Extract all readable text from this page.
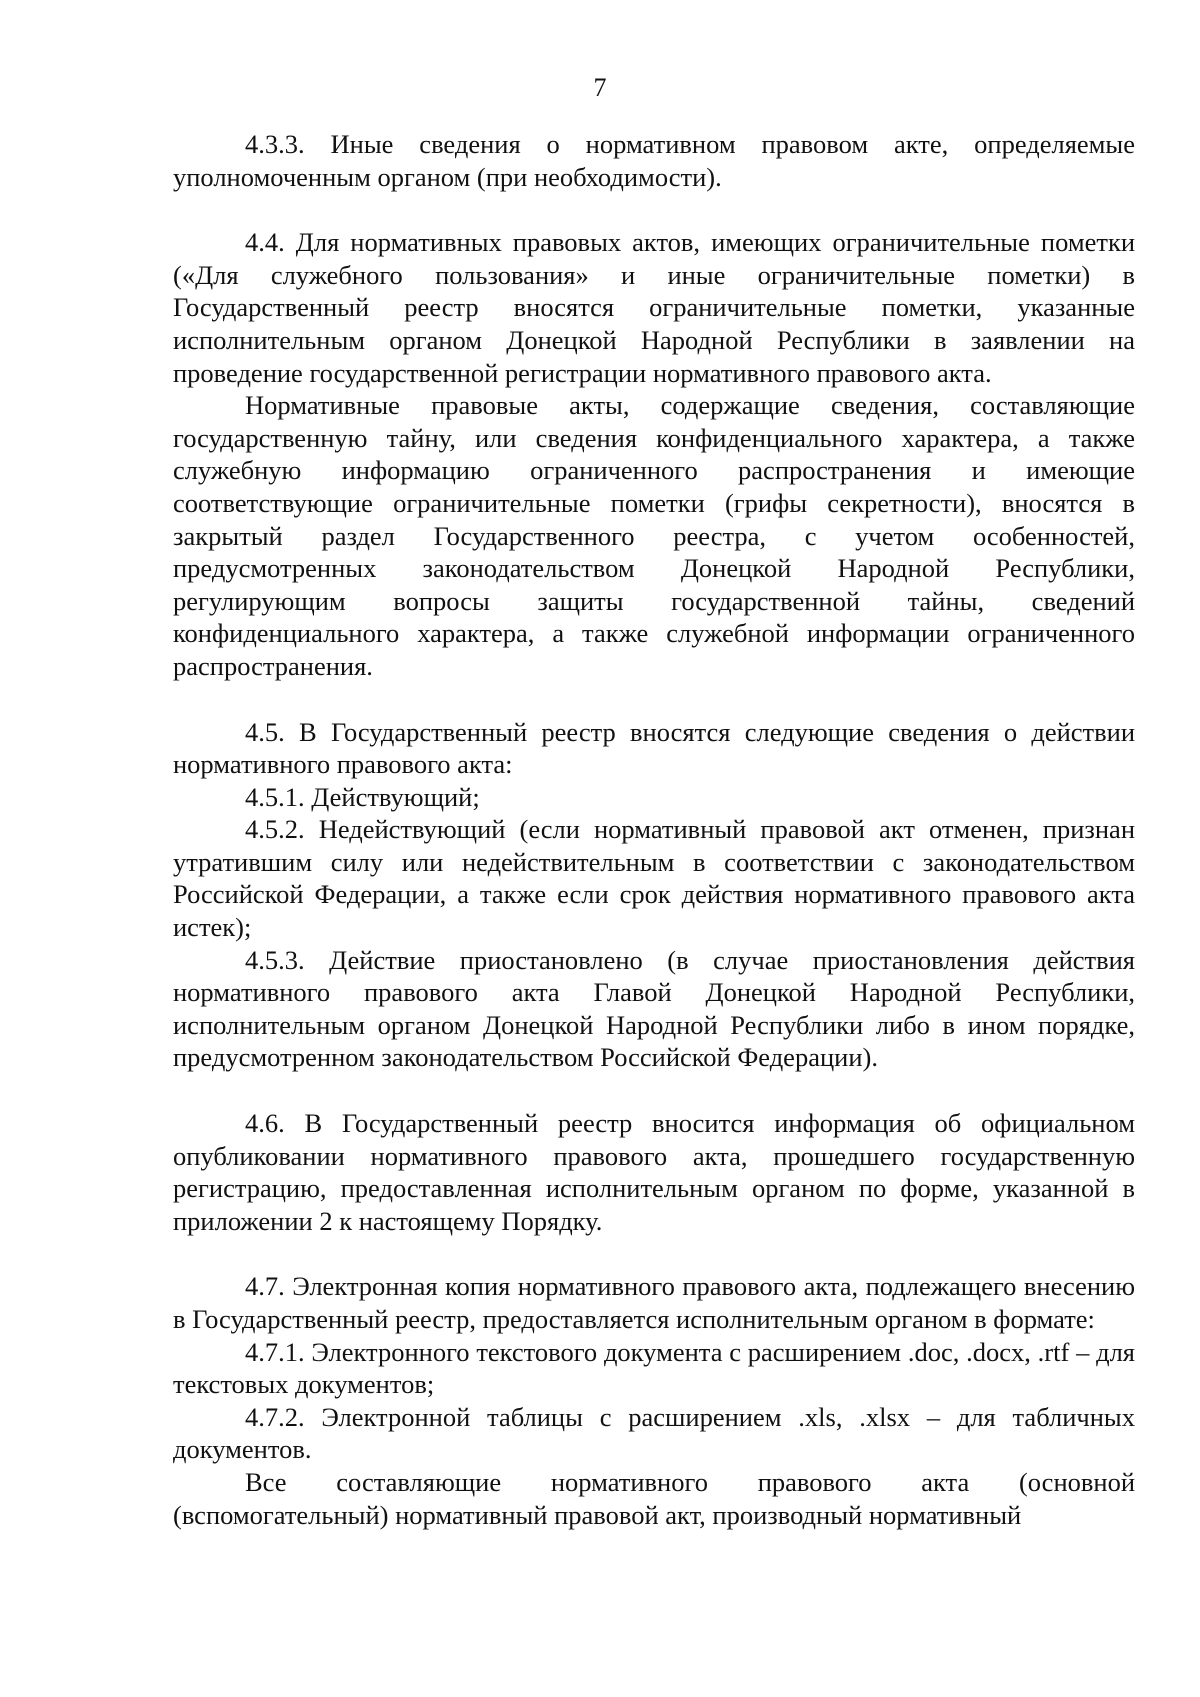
7

4.3.3. Иные сведения о нормативном правовом акте, определяемые уполномоченным органом (при необходимости).

4.4. Для нормативных правовых актов, имеющих ограничительные пометки («Для служебного пользования» и иные ограничительные пометки) в Государственный реестр вносятся ограничительные пометки, указанные исполнительным органом Донецкой Народной Республики в заявлении на проведение государственной регистрации нормативного правового акта.

Нормативные правовые акты, содержащие сведения, составляющие государственную тайну, или сведения конфиденциального характера, а также служебную информацию ограниченного распространения и имеющие соответствующие ограничительные пометки (грифы секретности), вносятся в закрытый раздел Государственного реестра, с учетом особенностей, предусмотренных законодательством Донецкой Народной Республики, регулирующим вопросы защиты государственной тайны, сведений конфиденциального характера, а также служебной информации ограниченного распространения.

4.5. В Государственный реестр вносятся следующие сведения о действии нормативного правового акта:

4.5.1. Действующий;

4.5.2. Недействующий (если нормативный правовой акт отменен, признан утратившим силу или недействительным в соответствии с законодательством Российской Федерации, а также если срок действия нормативного правового акта истек);

4.5.3. Действие приостановлено (в случае приостановления действия нормативного правового акта Главой Донецкой Народной Республики, исполнительным органом Донецкой Народной Республики либо в ином порядке, предусмотренном законодательством Российской Федерации).

4.6. В Государственный реестр вносится информация об официальном опубликовании нормативного правового акта, прошедшего государственную регистрацию, предоставленная исполнительным органом по форме, указанной в приложении 2 к настоящему Порядку.

4.7. Электронная копия нормативного правового акта, подлежащего внесению в Государственный реестр, предоставляется исполнительным органом в формате:

4.7.1. Электронного текстового документа с расширением .doc, .docx, .rtf – для текстовых документов;

4.7.2. Электронной таблицы с расширением .xls, .xlsx – для табличных документов.

Все составляющие нормативного правового акта (основной (вспомогательный) нормативный правовой акт, производный нормативный
